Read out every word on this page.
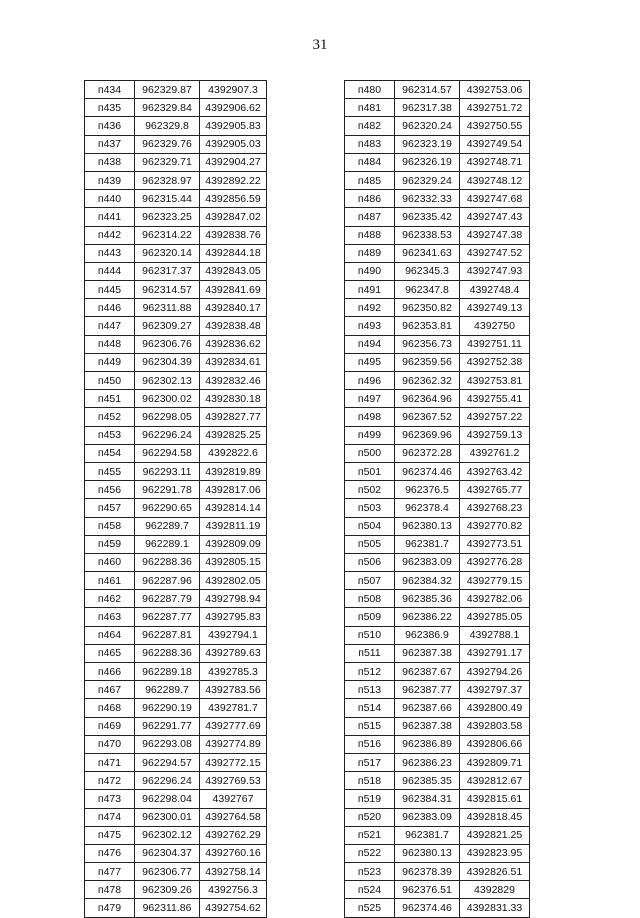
31
п434	962329.87	4392907.3
п435	962329.84	4392906.62
п436	962329.8	4392905.83
п437	962329.76	4392905.03
п438	962329.71	4392904.27
п439	962328.97	4392892.22
п440	962315.44	4392856.59
п441	962323.25	4392847.02
п442	962314.22	4392838.76
п443	962320.14	4392844.18
п444	962317.37	4392843.05
п445	962314.57	4392841.69
п446	962311.88	4392840.17
п447	962309.27	4392838.48
п448	962306.76	4392836.62
п449	962304.39	4392834.61
п450	962302.13	4392832.46
п451	962300.02	4392830.18
п452	962298.05	4392827.77
п453	962296.24	4392825.25
п454	962294.58	4392822.6
п455	962293.11	4392819.89
п456	962291.78	4392817.06
п457	962290.65	4392814.14
п458	962289.7	4392811.19
п459	962289.1	4392809.09
п460	962288.36	4392805.15
п461	962287.96	4392802.05
п462	962287.79	4392798.94
п463	962287.77	4392795.83
п464	962287.81	4392794.1
п465	962288.36	4392789.63
п466	962289.18	4392785.3
п467	962289.7	4392783.56
п468	962290.19	4392781.7
п469	962291.77	4392777.69
п470	962293.08	4392774.89
п471	962294.57	4392772.15
п472	962296.24	4392769.53
п473	962298.04	4392767
п474	962300.01	4392764.58
п475	962302.12	4392762.29
п476	962304.37	4392760.16
п477	962306.77	4392758.14
п478	962309.26	4392756.3
п479	962311.86	4392754.62
п480	962314.57	4392753.06
п481	962317.38	4392751.72
п482	962320.24	4392750.55
п483	962323.19	4392749.54
п484	962326.19	4392748.71
п485	962329.24	4392748.12
п486	962332.33	4392747.68
п487	962335.42	4392747.43
п488	962338.53	4392747.38
п489	962341.63	4392747.52
п490	962345.3	4392747.93
п491	962347.8	4392748.4
п492	962350.82	4392749.13
п493	962353.81	4392750
п494	962356.73	4392751.11
п495	962359.56	4392752.38
п496	962362.32	4392753.81
п497	962364.96	4392755.41
п498	962367.52	4392757.22
п499	962369.96	4392759.13
п500	962372.28	4392761.2
п501	962374.46	4392763.42
п502	962376.5	4392765.77
п503	962378.4	4392768.23
п504	962380.13	4392770.82
п505	962381.7	4392773.51
п506	962383.09	4392776.28
п507	962384.32	4392779.15
п508	962385.36	4392782.06
п509	962386.22	4392785.05
п510	962386.9	4392788.1
п511	962387.38	4392791.17
п512	962387.67	4392794.26
п513	962387.77	4392797.37
п514	962387.66	4392800.49
п515	962387.38	4392803.58
п516	962386.89	4392806.66
п517	962386.23	4392809.71
п518	962385.35	4392812.67
п519	962384.31	4392815.61
п520	962383.09	4392818.45
п521	962381.7	4392821.25
п522	962380.13	4392823.95
п523	962378.39	4392826.51
п524	962376.51	4392829
п525	962374.46	4392831.33
